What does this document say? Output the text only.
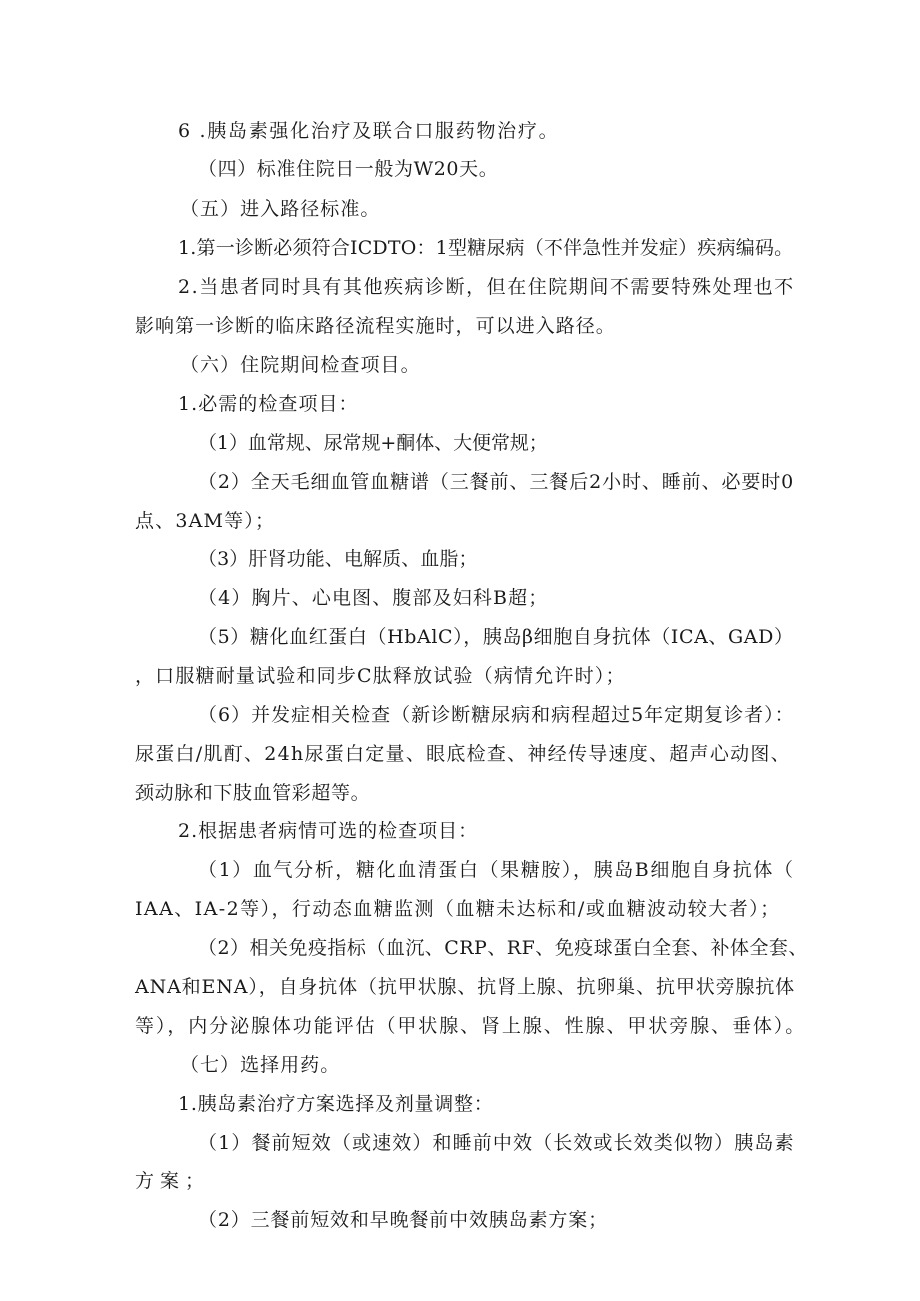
6 .胰岛素强化治疗及联合口服药物治疗。
（四）标准住院日一般为W20天。
（五）进入路径标准。
1.第一诊断必须符合ICDTO：1型糖尿病（不伴急性并发症）疾病编码。
2.当患者同时具有其他疾病诊断，但在住院期间不需要特殊处理也不
影响第一诊断的临床路径流程实施时，可以进入路径。
（六）住院期间检查项目。
1.必需的检查项目：
（1）血常规、尿常规+酮体、大便常规；
（2）全天毛细血管血糖谱（三餐前、三餐后2小时、睡前、必要时0
点、3AM等）；
（3）肝肾功能、电解质、血脂；
（4）胸片、心电图、腹部及妇科B超；
（5）糖化血红蛋白（HbAlC），胰岛β细胞自身抗体（ICA、GAD）
，口服糖耐量试验和同步C肽释放试验（病情允许时）；
（6）并发症相关检查（新诊断糖尿病和病程超过5年定期复诊者）：
尿蛋白/肌酊、24h尿蛋白定量、眼底检查、神经传导速度、超声心动图、
颈动脉和下肢血管彩超等。
2.根据患者病情可选的检查项目：
（1）血气分析，糖化血清蛋白（果糖胺），胰岛B细胞自身抗体（
IAA、IA-2等），行动态血糖监测（血糖未达标和/或血糖波动较大者）；
（2）相关免疫指标（血沉、CRP、RF、免疫球蛋白全套、补体全套、
ANA和ENA），自身抗体（抗甲状腺、抗肾上腺、抗卵巢、抗甲状旁腺抗体
等），内分泌腺体功能评估（甲状腺、肾上腺、性腺、甲状旁腺、垂体）。
（七）选择用药。
1.胰岛素治疗方案选择及剂量调整：
（1）餐前短效（或速效）和睡前中效（长效或长效类似物）胰岛素
方案；
（2）三餐前短效和早晚餐前中效胰岛素方案；
